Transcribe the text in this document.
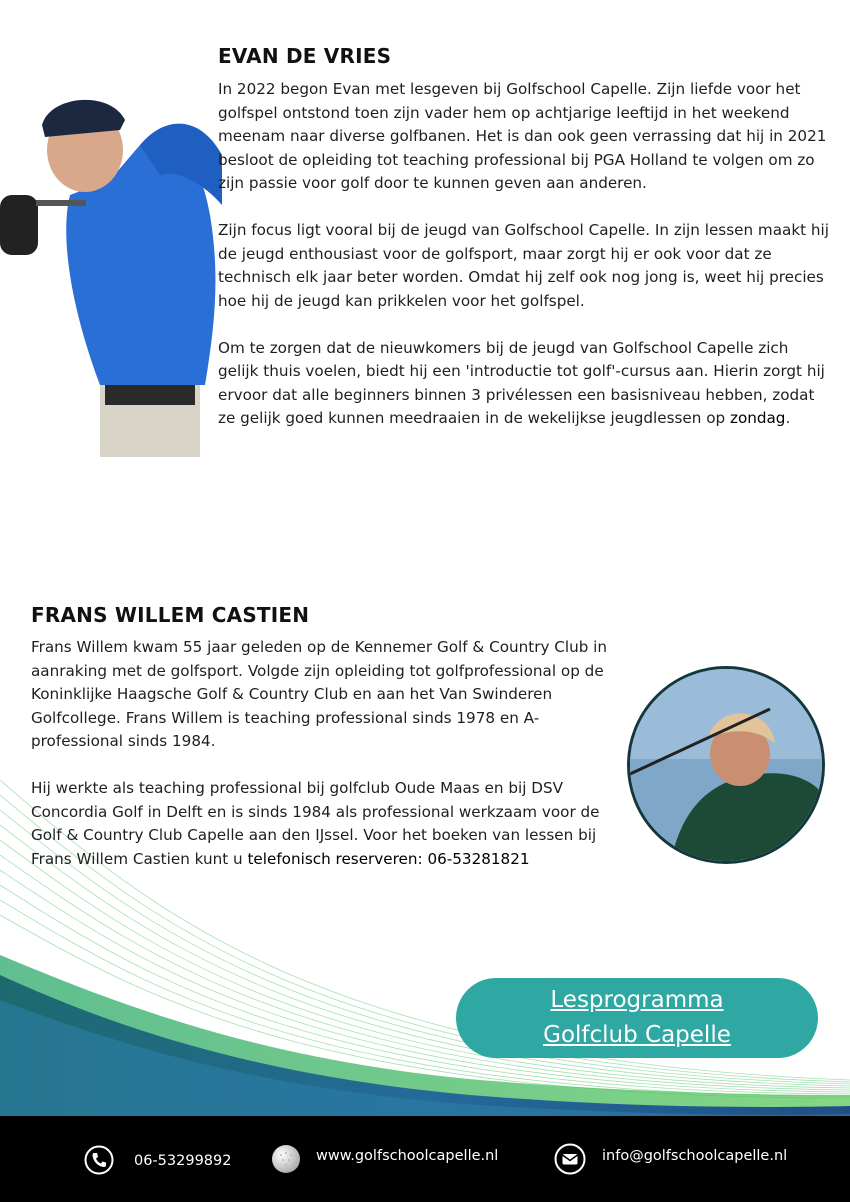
EVAN DE VRIES

In 2022 begon Evan met lesgeven bij Golfschool Capelle. Zijn liefde voor het golfspel ontstond toen zijn vader hem op achtjarige leeftijd in het weekend meenam naar diverse golfbanen. Het is dan ook geen verrassing dat hij in 2021 besloot de opleiding tot teaching professional bij PGA Holland te volgen om zo zijn passie voor golf door te kunnen geven aan anderen.

Zijn focus ligt vooral bij de jeugd van Golfschool Capelle. In zijn lessen maakt hij de jeugd enthousiast voor de golfsport, maar zorgt hij er ook voor dat ze technisch elk jaar beter worden. Omdat hij zelf ook nog jong is, weet hij precies hoe hij de jeugd kan prikkelen voor het golfspel.

Om te zorgen dat de nieuwkomers bij de jeugd van Golfschool Capelle zich gelijk thuis voelen, biedt hij een 'introductie tot golf'-cursus aan. Hierin zorgt hij ervoor dat alle beginners binnen 3 privélessen een basisniveau hebben, zodat ze gelijk goed kunnen meedraaien in de wekelijkse jeugdlessen op zondag.

FRANS WILLEM CASTIEN

Frans Willem kwam 55 jaar geleden op de Kennemer Golf & Country Club in aanraking met de golfsport. Volgde zijn opleiding tot golfprofessional op de Koninklijke Haagsche Golf & Country Club en aan het Van Swinderen Golfcollege. Frans Willem is teaching professional sinds 1978 en A-professional sinds 1984.

Hij werkte als teaching professional bij golfclub Oude Maas en bij DSV Concordia Golf in Delft en is sinds 1984 als professional werkzaam voor de Golf & Country Club Capelle aan den IJssel. Voor het boeken van lessen bij Frans Willem Castien kunt u telefonisch reserveren: 06-53281821

Lesprogramma
Golfclub Capelle
06-53299892	www.golfschoolcapelle.nl	info@golfschoolcapelle.nl
